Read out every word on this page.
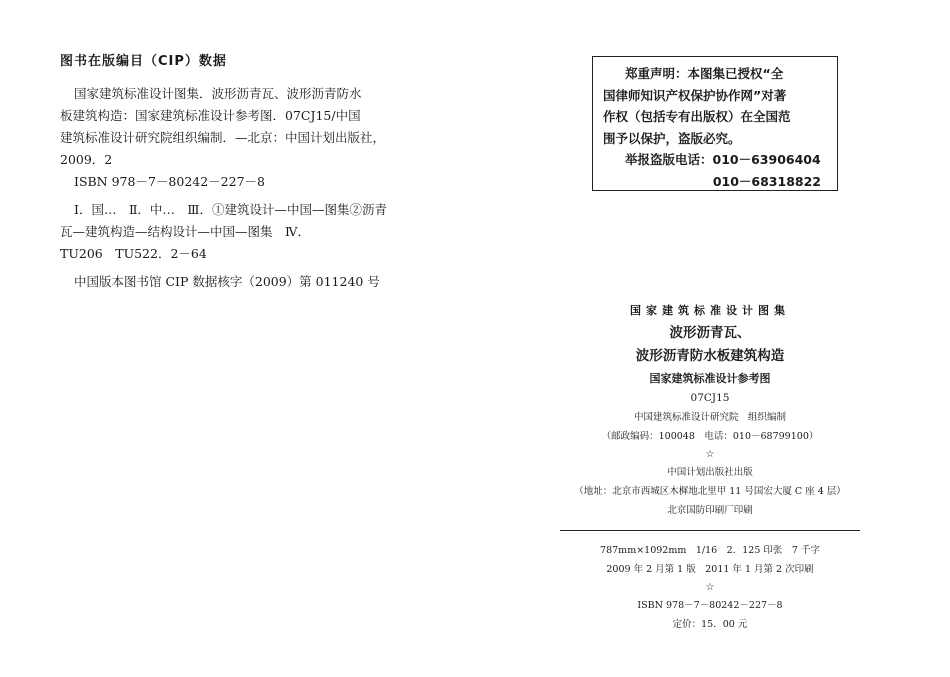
图书在版编目（CIP）数据
国家建筑标准设计图集．波形沥青瓦、波形沥青防水
板建筑构造：国家建筑标准设计参考图．07CJ15/中国
建筑标准设计研究院组织编制．—北京：中国计划出版社，
2009．2
ISBN 978－7－80242－227－8
Ⅰ．国…　Ⅱ．中…　Ⅲ．①建筑设计—中国—图集②沥青
瓦—建筑构造—结构设计—中国—图集　Ⅳ．
TU206　TU522．2－64
中国版本图书馆 CIP 数据核字（2009）第 011240 号
郑重声明：本图集已授权“全
国律师知识产权保护协作网”对著
作权（包括专有出版权）在全国范
围予以保护，盗版必究。
举报盗版电话：010－63906404
010－68318822
国家建筑标准设计图集
波形沥青瓦、
波形沥青防水板建筑构造
国家建筑标准设计参考图
07CJ15
中国建筑标准设计研究院　组织编制
（邮政编码：100048　电话：010－68799100）
☆
中国计划出版社出版
（地址：北京市西城区木樨地北里甲 11 号国宏大厦 C 座 4 层）
北京国防印刷厂印刷
787mm×1092mm　1/16　2．125 印张　7 千字
2009 年 2 月第 1 版　2011 年 1 月第 2 次印刷
☆
ISBN 978－7－80242－227－8
定价：15．00 元
